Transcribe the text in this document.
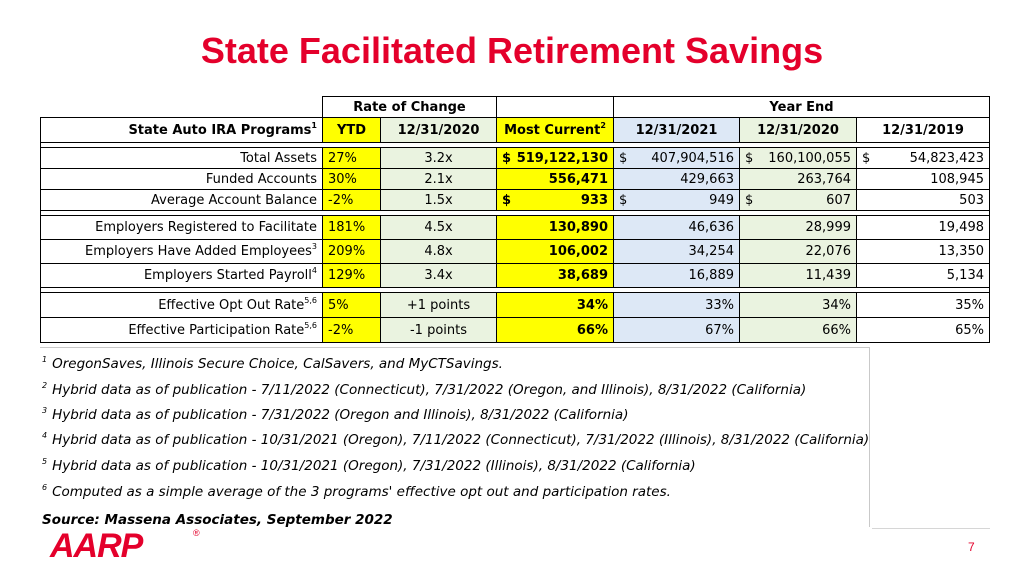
State Facilitated Retirement Savings
	Rate of Change			Year End		
State Auto IRA Programs$^1$	YTD	12/31/2020	Most Current$^2$	12/31/2021	12/31/2020	12/31/2019

Total Assets	27%	3.2x	$ 519,122,130	$ 407,904,516	$ 160,100,055	$ 54,823,423

Funded Accounts	30%	2.1x	556,471	429,663	263,764	108,945
Average Account Balance	-2%	1.5x	$ 933	$ 949	$ 607	503

Employers Registered to Facilitate	181%	4.5x	130,890	46,636	28,999	19,498
Employers Have Added Employees$^3$	209%	4.8x	106,002	34,254	22,076	13,350
Employers Started Payroll$^4$	129%	3.4x	38,689	16,889	11,439	5,134

Effective Opt Out Rate$^{5,6}$	5%	+1 points	34%	33%	34%	35%
Effective Participation Rate$^{5,6}$	-2%	-1 points	66%	67%	66%	65%
$^1$ OregonSaves, Illinois Secure Choice, CalSavers, and MyCTSavings.
$^2$ Hybrid data as of publication - 7/11/2022 (Connecticut), 7/31/2022 (Oregon, and Illinois), 8/31/2022 (California)
$^3$ Hybrid data as of publication - 7/31/2022 (Oregon and Illinois), 8/31/2022 (California)
$^4$ Hybrid data as of publication - 10/31/2021 (Oregon), 7/11/2022 (Connecticut), 7/31/2022 (Illinois), 8/31/2022 (California)
$^5$ Hybrid data as of publication - 10/31/2021 (Oregon), 7/31/2022 (Illinois), 8/31/2022 (California)
$^6$ Computed as a simple average of the 3 programs' effective opt out and participation rates.
Source: Massena Associates, September 2022
AARP	®
7
